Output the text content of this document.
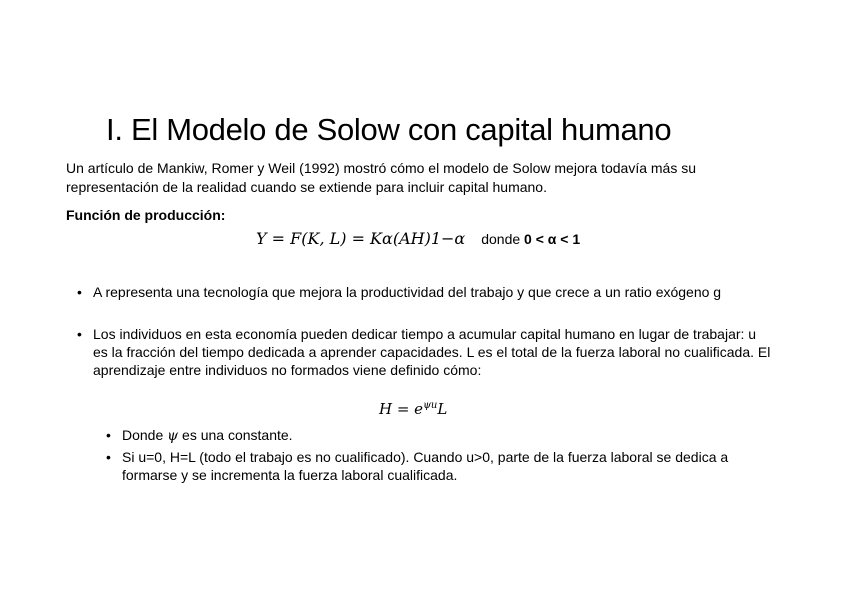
I. El Modelo de Solow con capital humano
Un artículo de Mankiw, Romer y Weil (1992) mostró cómo el modelo de Solow mejora todavía más su representación de la realidad cuando se extiende para incluir capital humano.
Función de producción:
Y = F(K, L) = K α (AH) 1−α donde 0 < α < 1
• A representa una tecnología que mejora la productividad del trabajo y que crece a un ratio exógeno g
• Los individuos en esta economía pueden dedicar tiempo a acumular capital humano en lugar de trabajar: u es la fracción del tiempo dedicada a aprender capacidades. L es el total de la fuerza laboral no cualificada. El aprendizaje entre individuos no formados viene definido cómo:
$H = e^{\psi u}L$
• Donde ψ es una constante.
• Si u=0, H=L (todo el trabajo es no cualificado). Cuando u>0, parte de la fuerza laboral se dedica a formarse y se incrementa la fuerza laboral cualificada.
